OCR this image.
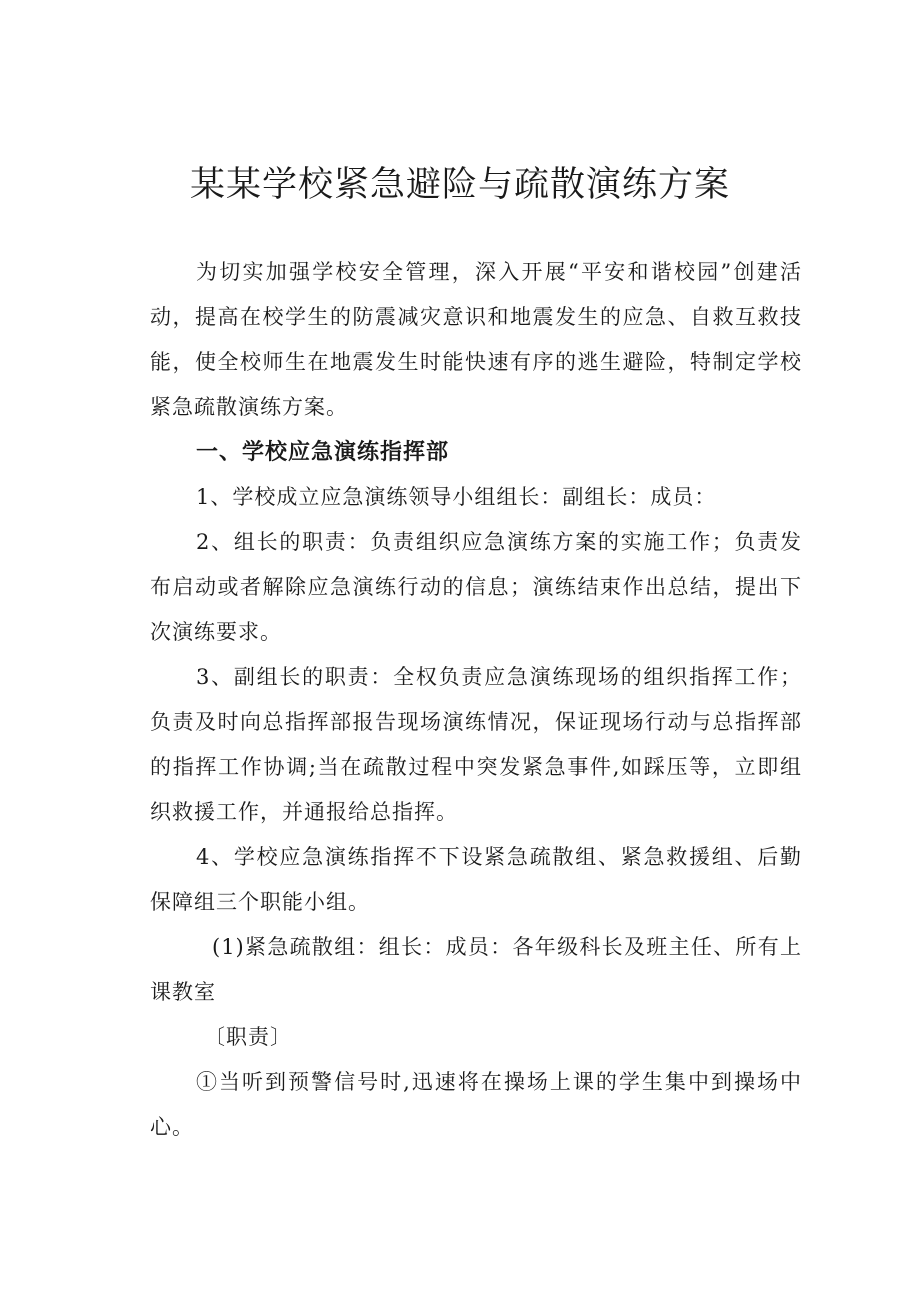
某某学校紧急避险与疏散演练方案

为切实加强学校安全管理，深入开展“平安和谐校园”创建活动，提高在校学生的防震减灾意识和地震发生的应急、自救互救技能，使全校师生在地震发生时能快速有序的逃生避险，特制定学校紧急疏散演练方案。

一、学校应急演练指挥部

1、学校成立应急演练领导小组组长：副组长：成员：

2、组长的职责：负责组织应急演练方案的实施工作；负责发布启动或者解除应急演练行动的信息；演练结束作出总结，提出下次演练要求。

3、副组长的职责：全权负责应急演练现场的组织指挥工作；负责及时向总指挥部报告现场演练情况，保证现场行动与总指挥部的指挥工作协调;当在疏散过程中突发紧急事件,如踩压等，立即组织救援工作，并通报给总指挥。

4、学校应急演练指挥不下设紧急疏散组、紧急救援组、后勤保障组三个职能小组。

(1)紧急疏散组：组长：成员：各年级科长及班主任、所有上课教室

〔职责〕

①当听到预警信号时,迅速将在操场上课的学生集中到操场中心。
